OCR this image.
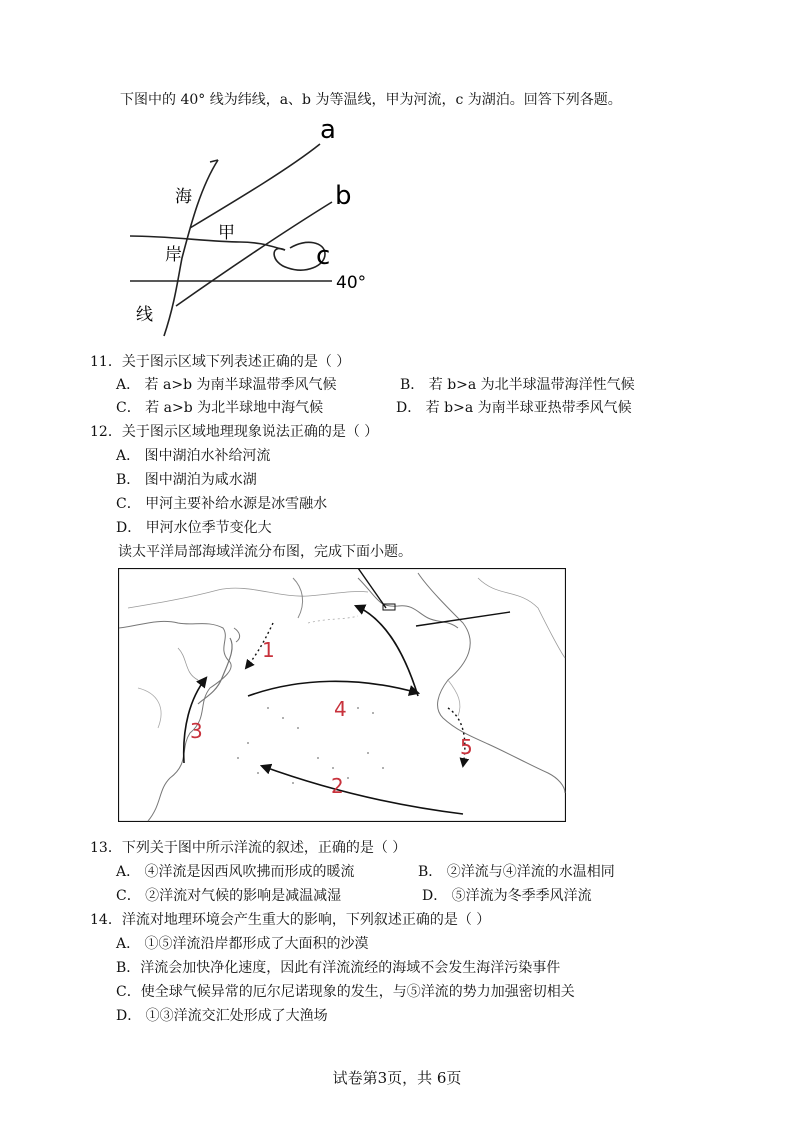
下图中的 40° 线为纬线，a、b 为等温线，甲为河流，c 为湖泊。回答下列各题。
a
b
c
甲
海
岸
线
40°
11．关于图示区域下列表述正确的是（ ）
A． 若 a>b 为南半球温带季风气候	B． 若 b>a 为北半球温带海洋性气候
C． 若 a>b 为北半球地中海气候	D． 若 b>a 为南半球亚热带季风气候
12．关于图示区域地理现象说法正确的是（ ）
A． 图中湖泊水补给河流
B． 图中湖泊为咸水湖
C． 甲河主要补给水源是冰雪融水
D． 甲河水位季节变化大
读太平洋局部海域洋流分布图，完成下面小题。
1
2
3
4
5
13．下列关于图中所示洋流的叙述，正确的是（ ）
A． ④洋流是因西风吹拂而形成的暖流	B． ②洋流与④洋流的水温相同
C． ②洋流对气候的影响是减温减湿	D． ⑤洋流为冬季季风洋流
14．洋流对地理环境会产生重大的影响，下列叙述正确的是（ ）
A． ①⑤洋流沿岸都形成了大面积的沙漠
B．洋流会加快净化速度，因此有洋流流经的海域不会发生海洋污染事件
C．使全球气候异常的厄尔尼诺现象的发生，与⑤洋流的势力加强密切相关
D． ①③洋流交汇处形成了大渔场
试卷第3页，共 6页
